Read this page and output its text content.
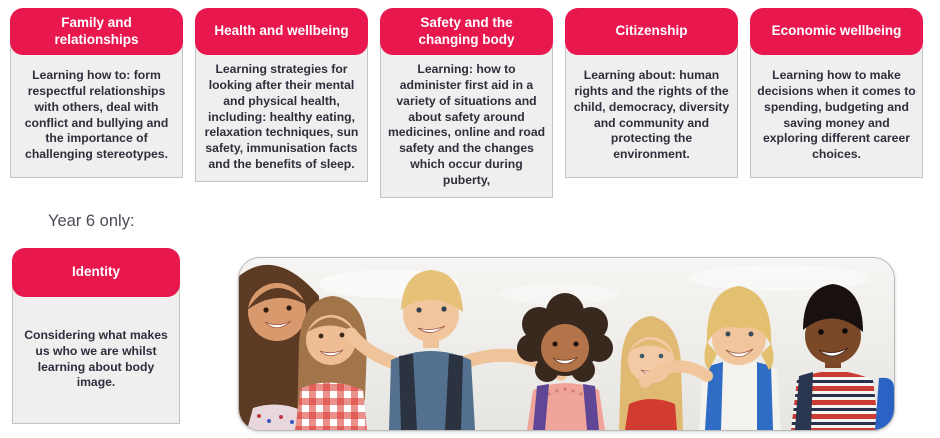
Family and relationships

Learning how to: form respectful relationships with others, deal with conflict and bullying and the importance of challenging stereotypes.

Health and wellbeing

Learning strategies for looking after their mental and physical health, including: healthy eating, relaxation techniques, sun safety, immunisation facts and the benefits of sleep.

Safety and the changing body

Learning: how to administer first aid in a variety of situations and about safety around medicines, online and road safety and the changes which occur during puberty,

Citizenship

Learning about: human rights and the rights of the child, democracy, diversity and community and protecting the environment.

Economic wellbeing

Learning how to make decisions when it comes to spending, budgeting and saving money and exploring different career choices.

Year 6 only:
Identity

Considering what makes us who we are whilst learning about body image.
